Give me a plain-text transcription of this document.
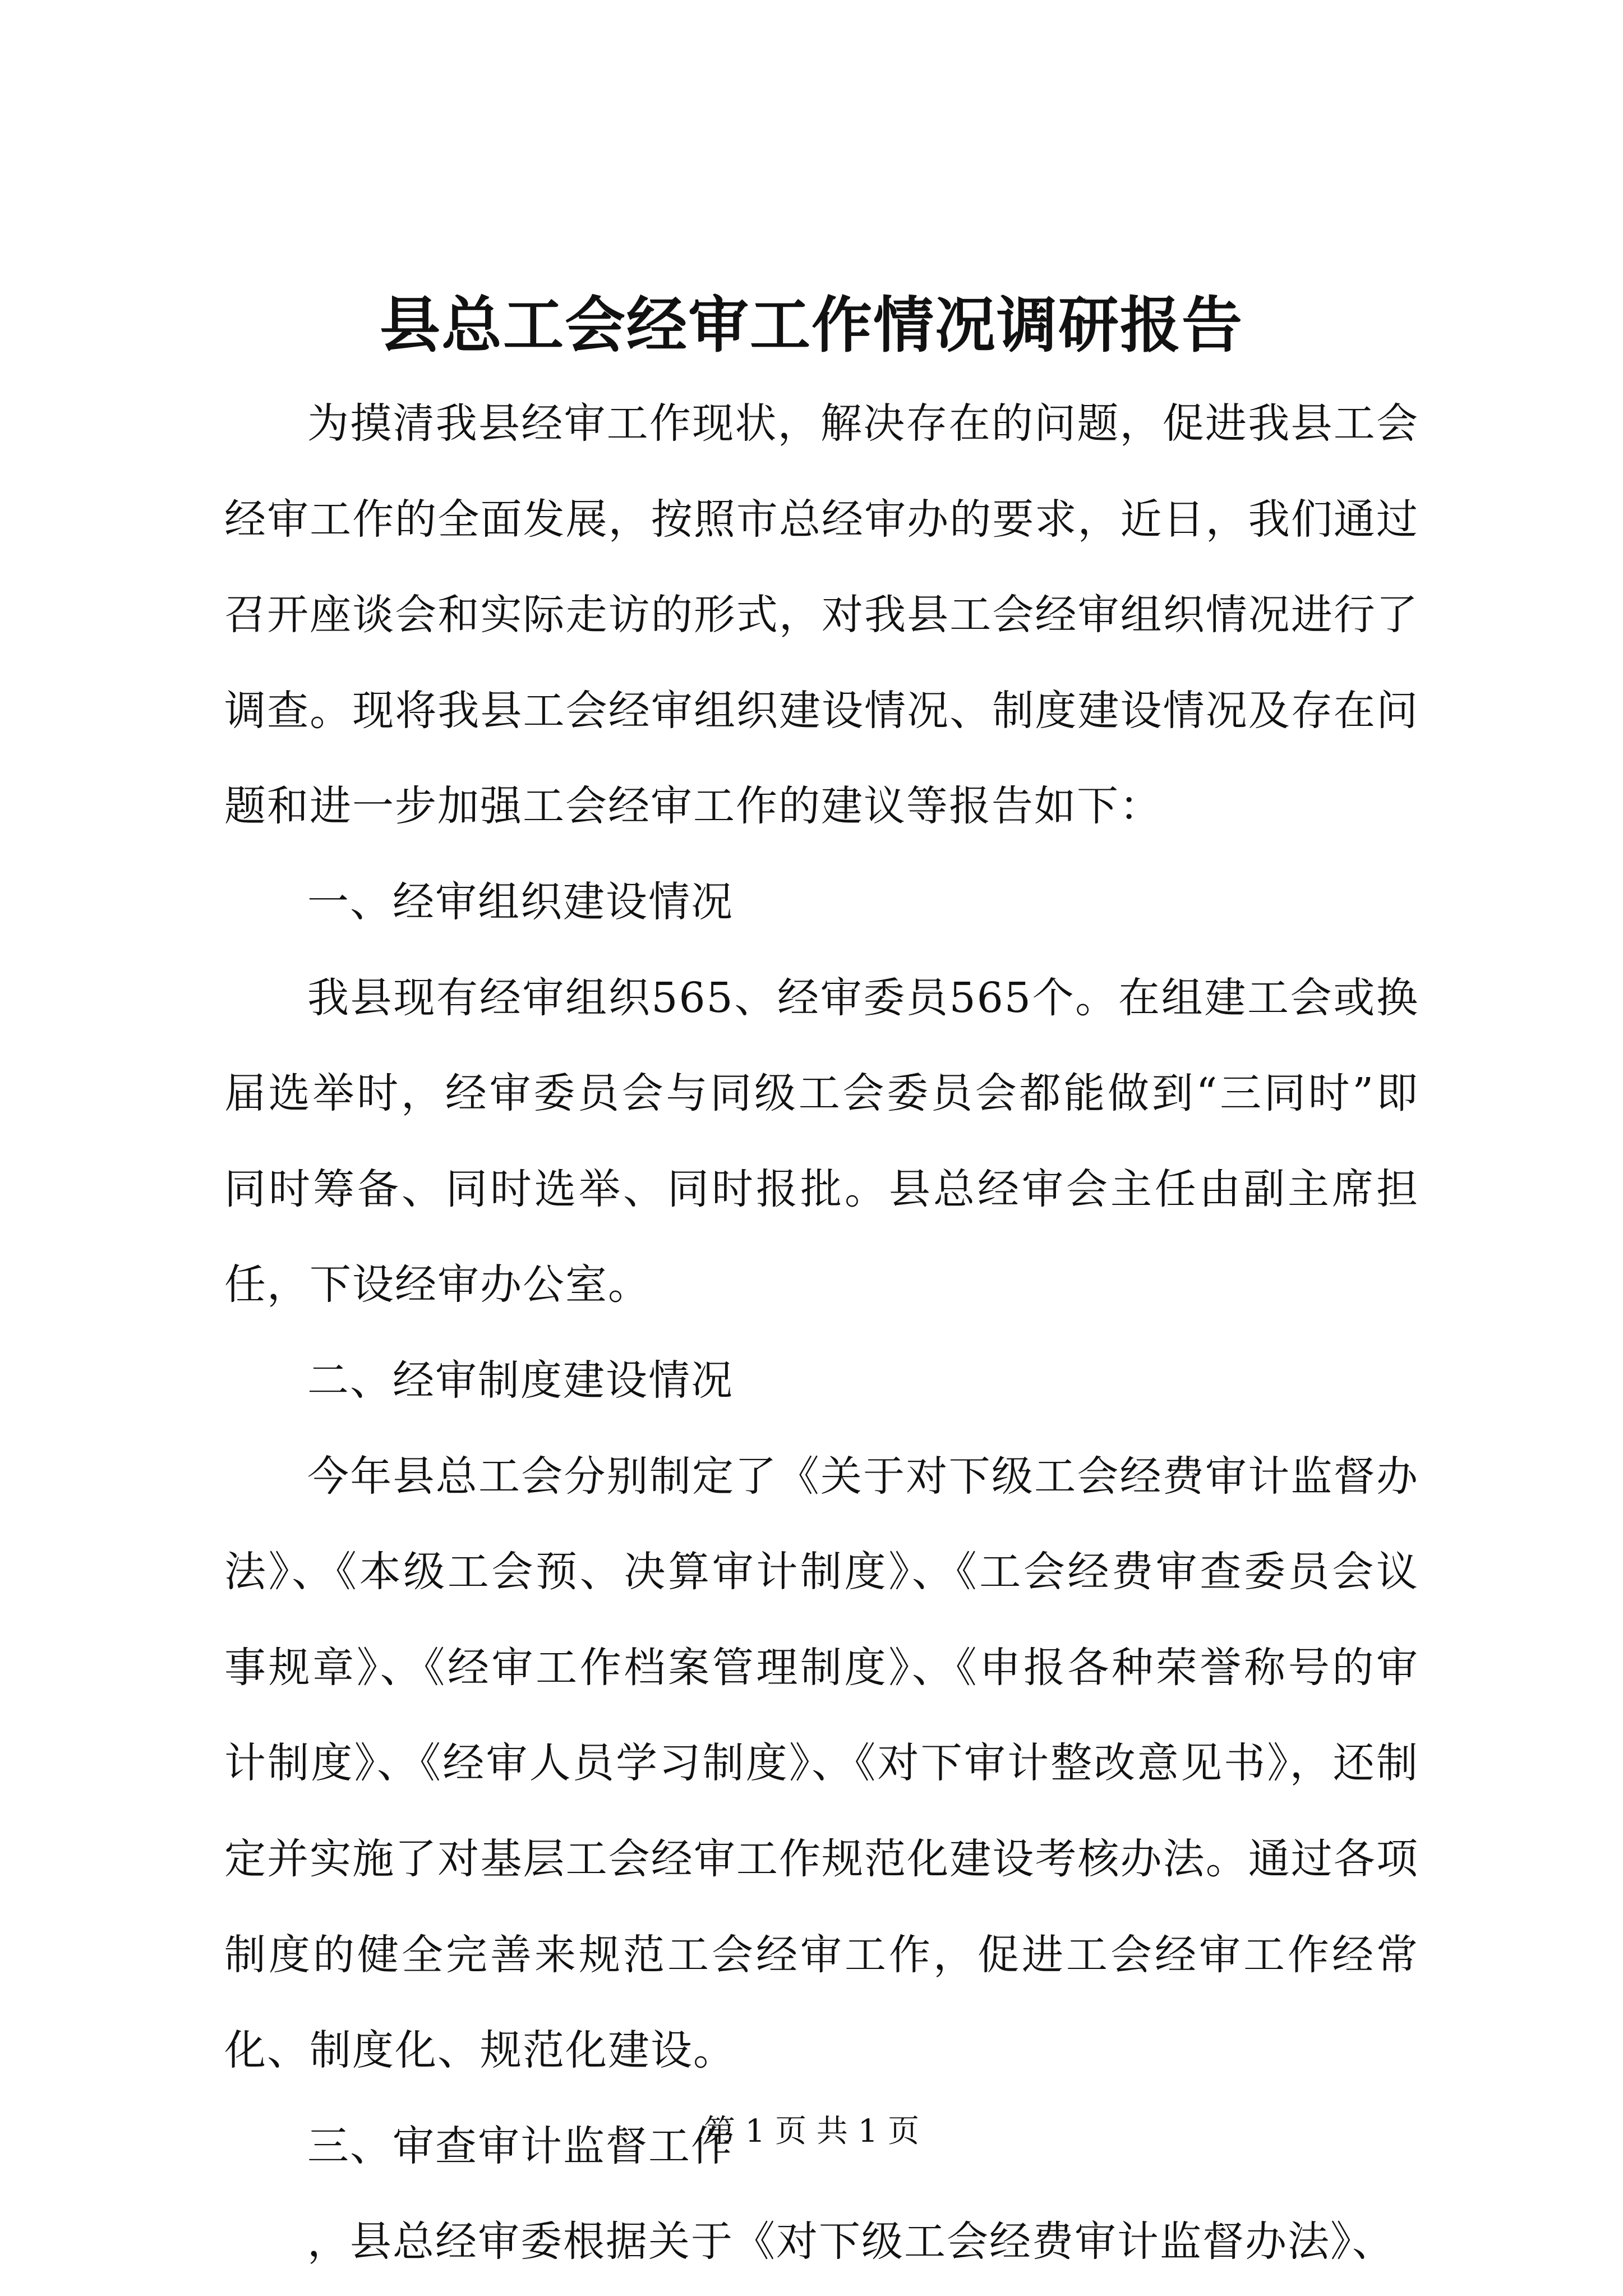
县总工会经审工作情况调研报告

为摸清我县经审工作现状，解决存在的问题，促进我县工会经审工作的全面发展，按照市总经审办的要求，近日，我们通过召开座谈会和实际走访的形式，对我县工会经审组织情况进行了调查。现将我县工会经审组织建设情况、制度建设情况及存在问题和进一步加强工会经审工作的建议等报告如下：

一、经审组织建设情况

我县现有经审组织565、经审委员565个。在组建工会或换届选举时，经审委员会与同级工会委员会都能做到“三同时”即同时筹备、同时选举、同时报批。县总经审会主任由副主席担任，下设经审办公室。

二、经审制度建设情况

今年县总工会分别制定了《关于对下级工会经费审计监督办法》、《本级工会预、决算审计制度》、《工会经费审查委员会议事规章》、《经审工作档案管理制度》、《申报各种荣誉称号的审计制度》、《经审人员学习制度》、《对下审计整改意见书》，还制定并实施了对基层工会经审工作规范化建设考核办法。通过各项制度的健全完善来规范工会经审工作，促进工会经审工作经常化、制度化、规范化建设。

三、审查审计监督工作

，县总经审委根据关于《对下级工会经费审计监督办法》、

第 1 页 共 1 页
